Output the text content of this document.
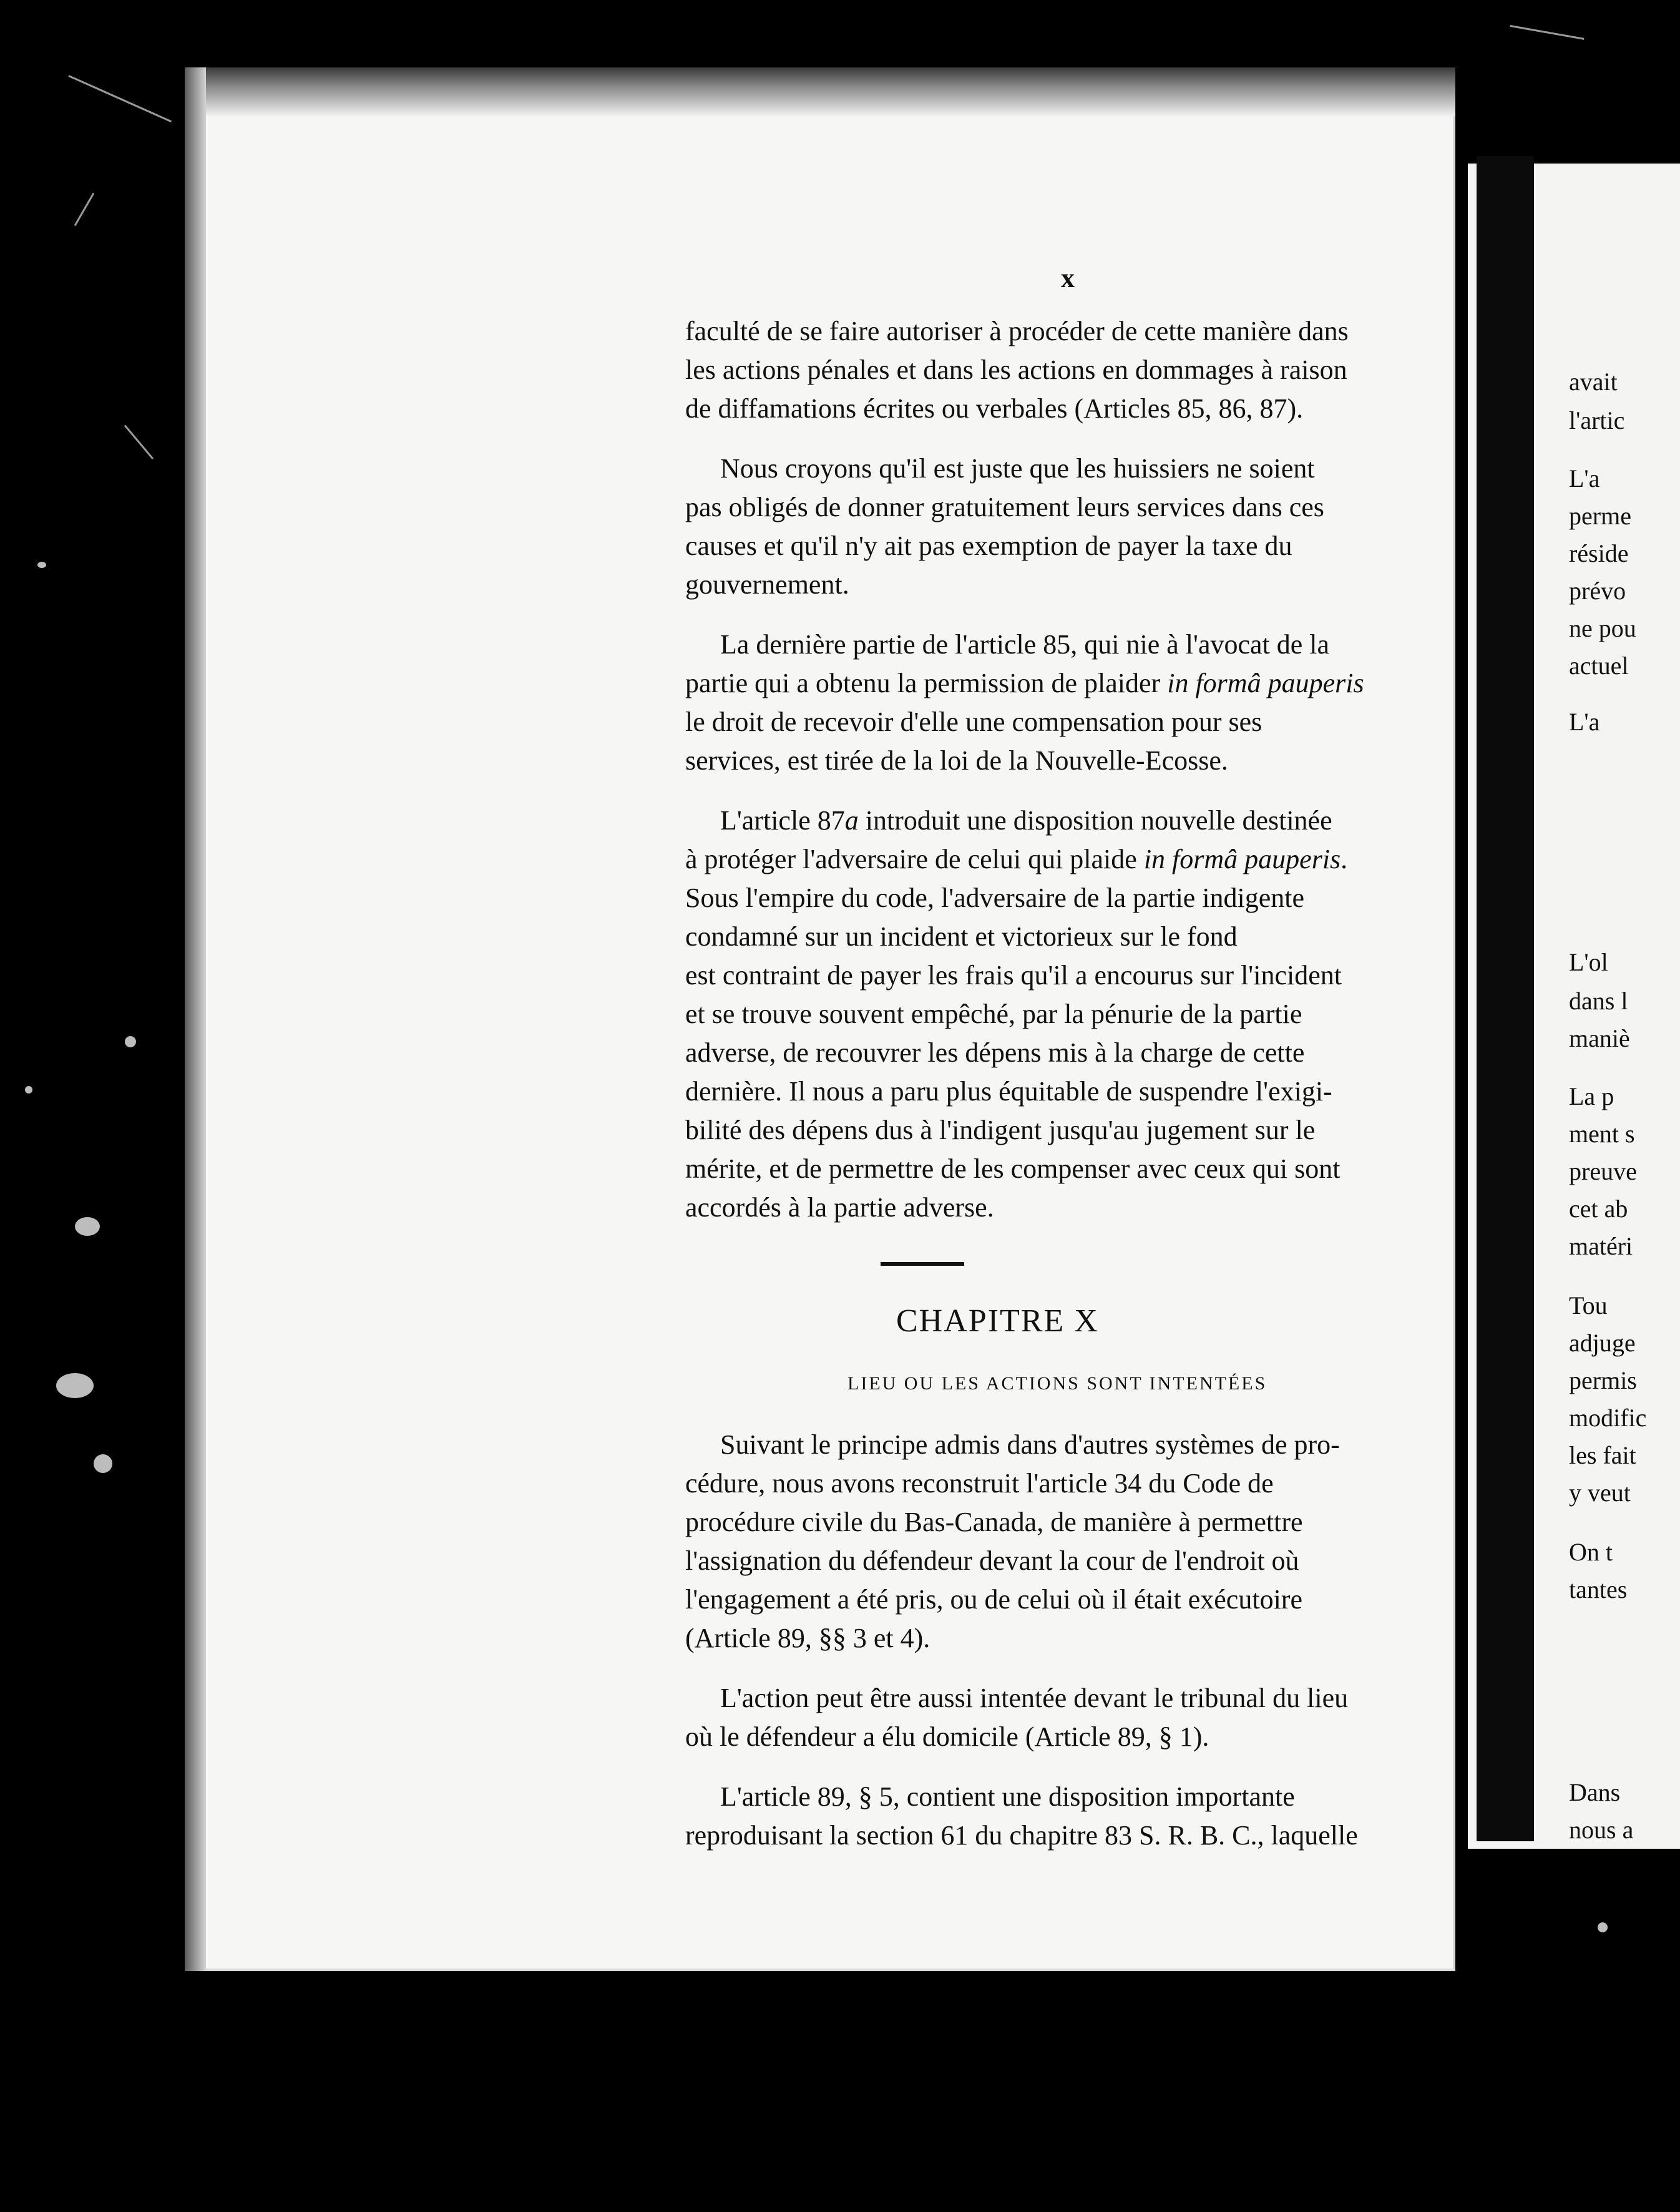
avait
l'artic
L'a
perme
réside
prévo
ne pou
actuel
L'a
L'ol
dans l
maniè
La p
ment s
preuve
cet ab
matéri
Tou
adjuge
permis
modific
les fait
y veut
On t
tantes
Dans
nous a
x
faculté de se faire autoriser à procéder de cette manière dans
les actions pénales et dans les actions en dommages à raison
de diffamations écrites ou verbales (Articles 85, 86, 87).
Nous croyons qu'il est juste que les huissiers ne soient
pas obligés de donner gratuitement leurs services dans ces
causes et qu'il n'y ait pas exemption de payer la taxe du
gouvernement.
La dernière partie de l'article 85, qui nie à l'avocat de la
partie qui a obtenu la permission de plaider in formâ pauperis
le droit de recevoir d'elle une compensation pour ses
services, est tirée de la loi de la Nouvelle-Ecosse.
L'article 87a introduit une disposition nouvelle destinée
à protéger l'adversaire de celui qui plaide in formâ pauperis.
Sous l'empire du code, l'adversaire de la partie indigente
condamné sur un incident et victorieux sur le fond
est contraint de payer les frais qu'il a encourus sur l'incident
et se trouve souvent empêché, par la pénurie de la partie
adverse, de recouvrer les dépens mis à la charge de cette
dernière. Il nous a paru plus équitable de suspendre l'exigi-
bilité des dépens dus à l'indigent jusqu'au jugement sur le
mérite, et de permettre de les compenser avec ceux qui sont
accordés à la partie adverse.
CHAPITRE X
LIEU OU LES ACTIONS SONT INTENTÉES
Suivant le principe admis dans d'autres systèmes de pro-
cédure, nous avons reconstruit l'article 34 du Code de
procédure civile du Bas-Canada, de manière à permettre
l'assignation du défendeur devant la cour de l'endroit où
l'engagement a été pris, ou de celui où il était exécutoire
(Article 89, §§ 3 et 4).
L'action peut être aussi intentée devant le tribunal du lieu
où le défendeur a élu domicile (Article 89, § 1).
L'article 89, § 5, contient une disposition importante
reproduisant la section 61 du chapitre 83 S. R. B. C., laquelle
